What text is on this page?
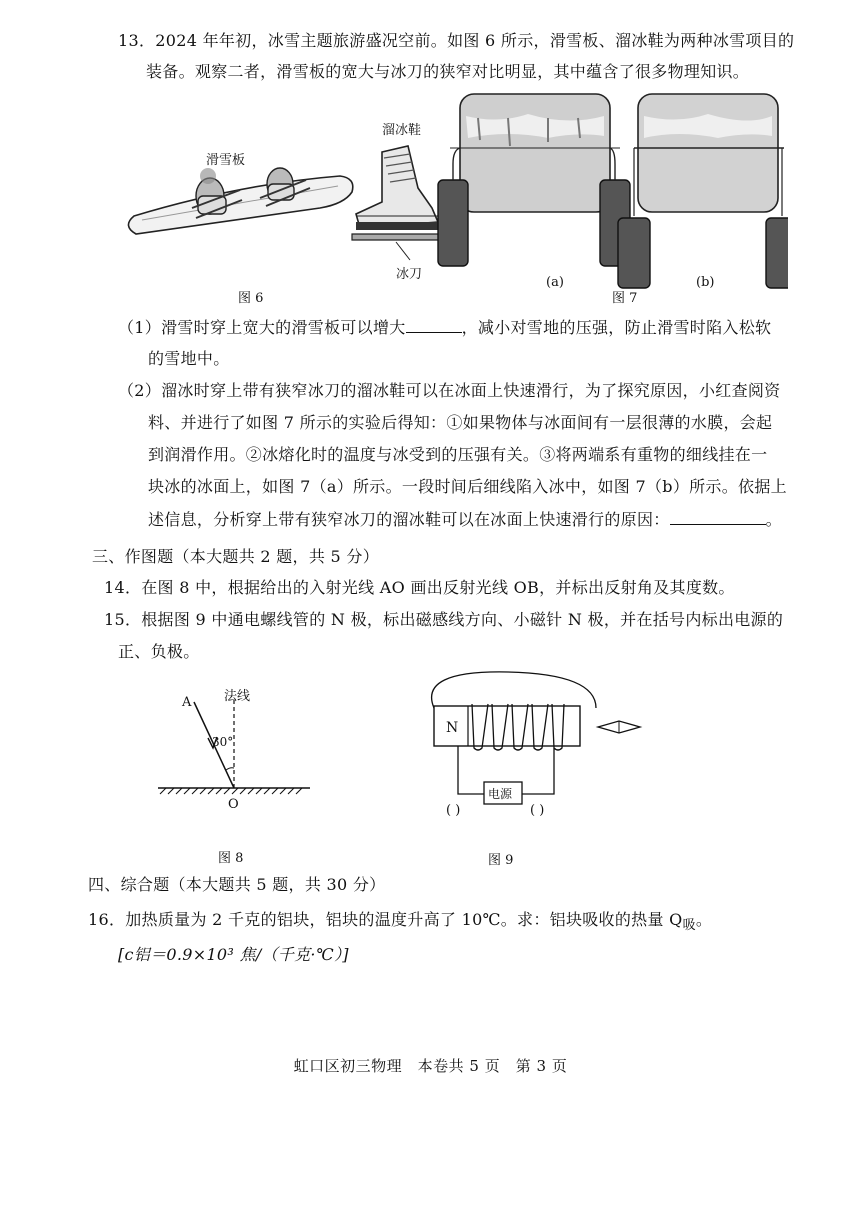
13．2024 年年初，冰雪主题旅游盛况空前。如图 6 所示，滑雪板、溜冰鞋为两种冰雪项目的
装备。观察二者，滑雪板的宽大与冰刀的狭窄对比明显，其中蕴含了很多物理知识。
滑雪板
溜冰鞋
冰刀
图 6
(a)	(b)
图 7
（1）滑雪时穿上宽大的滑雪板可以增大	，减小对雪地的压强，防止滑雪时陷入松软
的雪地中。
（2）溜冰时穿上带有狭窄冰刀的溜冰鞋可以在冰面上快速滑行，为了探究原因，小红查阅资
料、并进行了如图 7 所示的实验后得知：①如果物体与冰面间有一层很薄的水膜，会起
到润滑作用。②冰熔化时的温度与冰受到的压强有关。③将两端系有重物的细线挂在一
块冰的冰面上，如图 7（a）所示。一段时间后细线陷入冰中，如图 7（b）所示。依据上
述信息，分析穿上带有狭窄冰刀的溜冰鞋可以在冰面上快速滑行的原因：	。
三、作图题（本大题共 2 题，共 5 分）
14．在图 8 中，根据给出的入射光线 AO 画出反射光线 OB，并标出反射角及其度数。
15．根据图 9 中通电螺线管的 N 极，标出磁感线方向、小磁针 N 极，并在括号内标出电源的
正、负极。
A	法线
30°
O
图 8
N
电源
( )	( )
图 9
四、综合题（本大题共 5 题，共 30 分）
16．加热质量为 2 千克的铝块，铝块的温度升高了 10℃。求：铝块吸收的热量 $Q_吸$。
[c铝＝0.9×10³ 焦/（千克·℃）]
虹口区初三物理　本卷共 5 页　第 3 页
